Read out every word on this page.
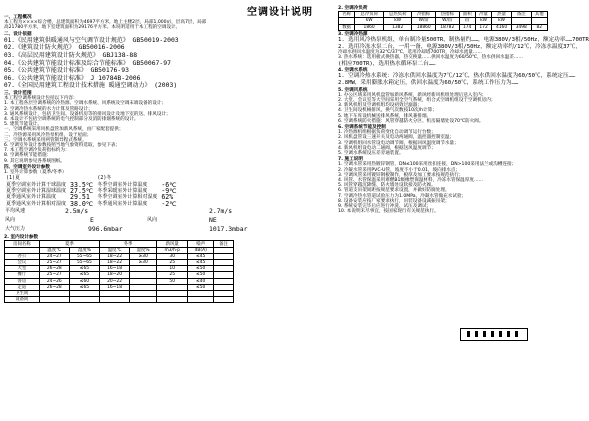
空调设计说明
一、工程概况
本工程为××××综合楼，总建筑面积为4697平方米，地上主楼2层，局部1,000㎡，层高7层，局部
高21780平方米，地下室建筑面积为29176平方米。本说明适用于本工程的空调设计。
二、设计依据
01.《民用建筑供暖通风与空气调节设计规范》 GB50019-2003
02.《建筑设计防火规范》 GB50016-2006
03.《高层民用建筑设计防火规范》 GBJ138-88
04.《公共建筑节能设计标准及综合节能标准》 GB50067-97
05.《公共建筑节能设计标准》 GB50176-93
06.《公共建筑节能设计标准》 J 10784B-2006
07.《全国民用建筑工程设计技术措施 暖通空调动力》 (2003)
三、设计范围
本工程空调系统设计包括以下内容：
1. 本工程各层空调系统的冷热源、空调水系统、风系统及空调末端设备的设计；
2. 空调冷热水系统的水力计算及管路设计；
3. 通风系统设计，包括卫生间、设备机房等的排风设计及地下室的送、排风设计；
4. 本设计不包括空调系统的电气控制部分及消防排烟系统的设计。
5. 建筑节能设计。
一、空调系统采用风机盘管加新风系统，由厂家配套提供；
二、冷热源采用风冷热泵机组，设于屋面；
三、空调水系统采用两管制异程式系统。
6. 空调室外设计参数按照当地气象资料选取，参见下表；
7. 本工程空调冷负荷指标约为：
8. 空调系统节能措施：
9. 其它说明参见各系统图纸。
四、空调室外设计参数
1. 室外计算参数（夏季/冬季）
(1)夏		(2)冬	
夏季空调室外计算干球温度	33.5℃	冬季空调室外计算温度	-6℃
夏季空调室外计算湿球温度	27.5℃	冬季采暖室外计算温度	-9℃
夏季通风室外计算温度	29.51	冬季空调室外计算相对湿度	62%
夏季通风室外计算相对湿度	38.0℃	冬季通风室外计算温度	-2℃
平均风速	2.5m/s		2.7m/s
风向	E	风向	NE
大气压力	996.6mbar		1017.3mbar
2. 室内设计参数
房间名称	夏季		冬季		新风量	噪声	备注
	温度℃	湿度%	温度℃	湿度%	m3/h·p	dB(A)	
办公	24~27	55~65	18~22	≥30	30	≤45	
会议	25~27	55~65	18~22	≥30	25	≤45	
大堂	26~28	≤65	16~18		10	≤50	
餐厅	25~27	≤65	18~20		25	≤50	
客房	24~26	≤60	20~22		50	≤40	
走道	26~28	≤65	16~18			≤50	
卫生间							
设备间							
2. 空调冷负荷
名称	总冷负荷	总热负荷	冷指标	热指标	面积	冷量	热量	备注	其他
	kW	kW	W/㎡	W/㎡	㎡	kW	kW		
数据	1860	1382	18860	18782	174	172	4160	3498	82
3. 空调冷热源
1. 选用风冷热泵机组，单台制冷量500TR，制热量约……，电源380V/3相/50Hz，额定功率……700TR
2. 选用冷冻水泵二台，一用一备，电源380V/3相/50Hz，额定功率约/12℃，冷冻水温度37℃，
冷却水供回水温度为32℃/37℃，选用冷却塔700TR，冷却水流量……
3. 热水系统：选用板式换热器，热交换量……供回水温度为60/50℃，热水供回水温差……
(相应700TR)，选用热水循环泵二台……
4. 空调水系统
1. 空调冷热水系统：冷冻水供回水温度为7℃/12℃，热水供回水温度为60/50℃，系统定压……
2.8MW，采用膨胀水箱定压，供回水温度为60/50℃，系统工作压力为……
5. 空调风系统
1. 办公区域采用风机盘管加新风系统，新风经新风机组处理后送入室内；
2. 大堂、会议室等大空间采用全空气系统，组合式空调机组设于空调机房内；
3. 新风机组及空调机组均设初效过滤器；
4. 卫生间设机械排风，换气次数按10次/h计算；
5. 地下车库设机械送排风系统，排风兼排烟。
6. 空调系统防火措施：风管穿越防火分区、机房隔墙处设70℃防火阀。
6. 空调系统节能及控制
1. 冷热源机组根据负荷变化自动调节运行台数；
2. 风机盘管设三速开关及电动两通阀，温控器控制室温；
3. 空调机组回水管设电动调节阀，根据回风温度调节水量；
4. 新风机组设电动二通阀，根据送风温度调节；
5. 空调水系统设压差旁通装置。
7. 施工说明
1. 空调水管采用热镀锌钢管，DN≤100采用丝扣连接，DN>100采用法兰或沟槽连接；
2. 冷凝水管采用PVC-U管，坡度不小于0.01，坡向排水点；
3. 空调风管采用镀锌钢板制作，板厚及加工要求按规范执行；
4. 风管、水管保温采用难燃B1级橡塑保温材料，冷冻水管保温厚度……
5. 风管穿越沉降缝、防火墙处设软接及防火阀。
6. 管道支吊架间距按规范要求设置，并做好防腐处理。
7. 空调冷热水管道试验压力为1.0MPa，冷凝水管做充水试验；
8. 设备安装应按厂家要求执行，吊装设备设减振吊架；
9. 系统安装完毕后应进行冲洗、试压及调试；
10. 本说明未尽事宜，按国家现行有关规范执行。
